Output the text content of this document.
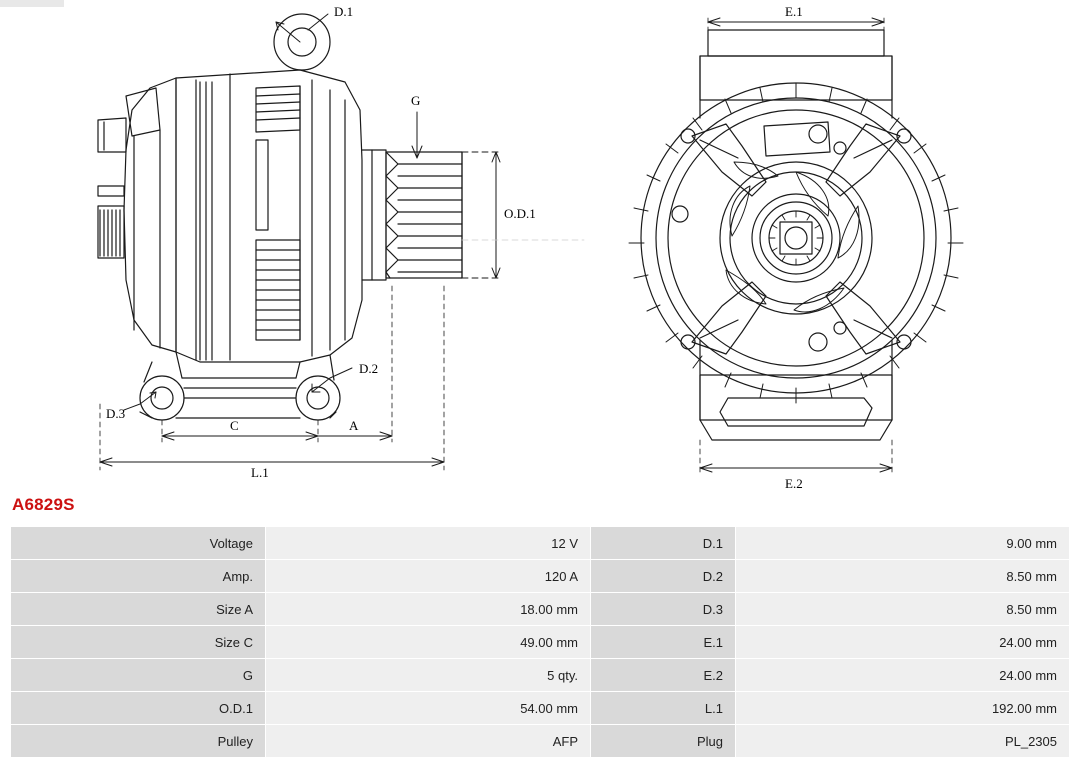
D.1
D.2
D.3
G
O.D.1
C	A
L.1
E.1
E.2
A6829S
Voltage	12 V	D.1	9.00 mm
Amp.	120 A	D.2	8.50 mm
Size A	18.00 mm	D.3	8.50 mm
Size C	49.00 mm	E.1	24.00 mm
G	5 qty.	E.2	24.00 mm
O.D.1	54.00 mm	L.1	192.00 mm
Pulley	AFP	Plug	PL_2305
